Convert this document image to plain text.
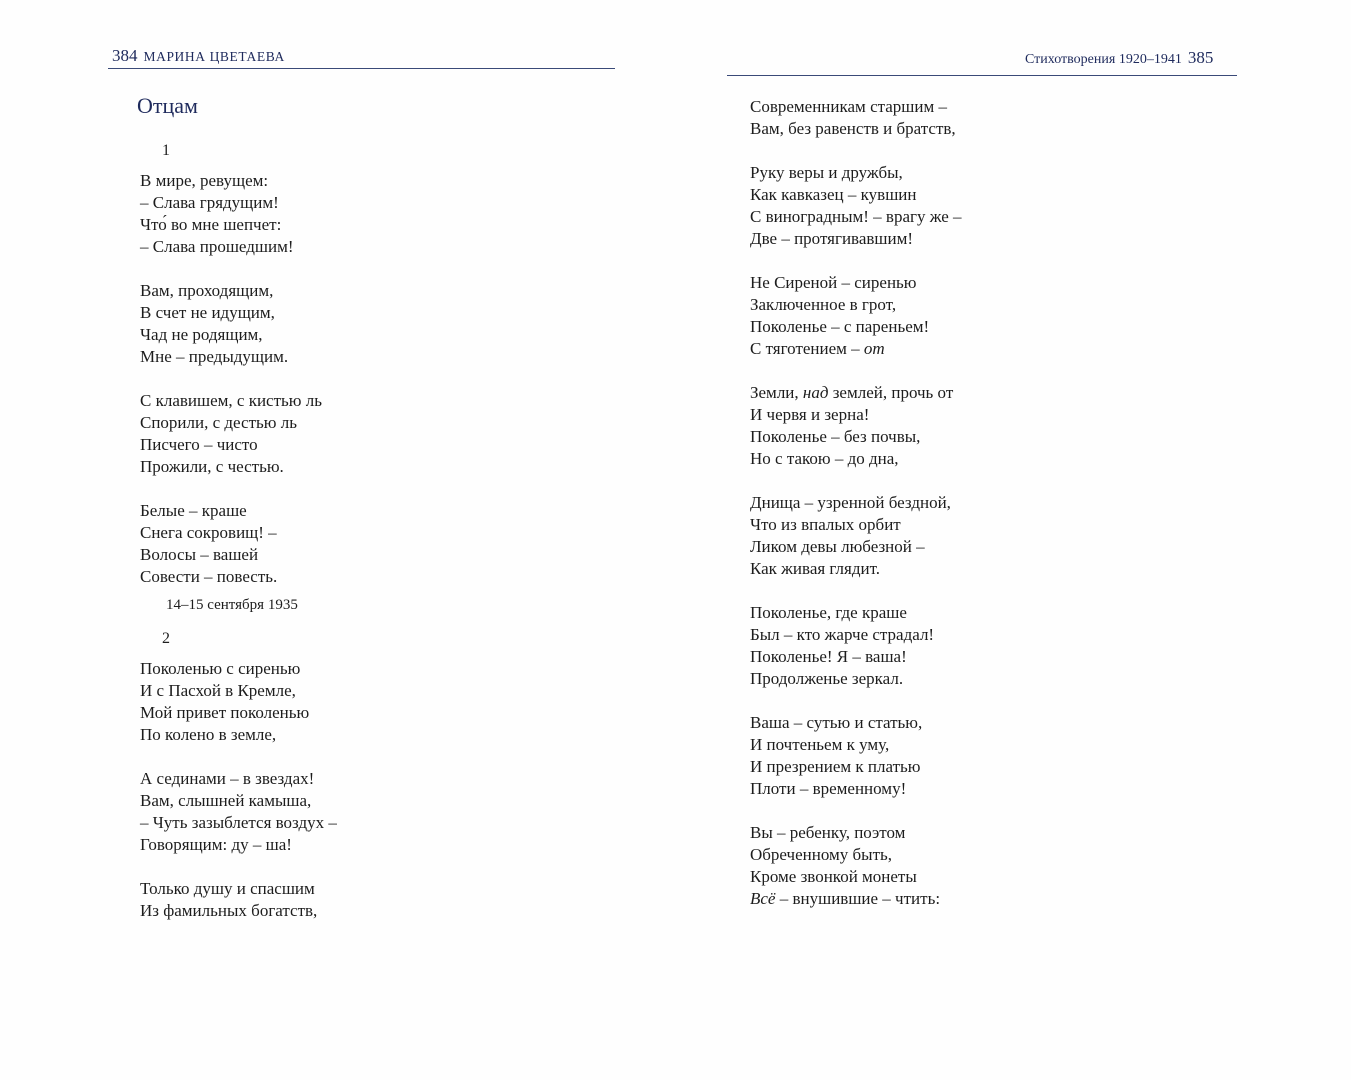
384 МАРИНА ЦВЕТАЕВА
Отцам
1
В мире, ревущем:
– Слава грядущим!
Что́ во мне шепчет:
– Слава прошедшим!
Вам, проходящим,
В счет не идущим,
Чад не родящим,
Мне – предыдущим.
С клавишем, с кистью ль
Спорили, с дестью ль
Писчего – чисто
Прожили, с честью.
Белые – краше
Снега сокровищ! –
Волосы – вашей
Совести – повесть.
14–15 сентября 1935
2
Поколенью с сиренью
И с Пасхой в Кремле,
Мой привет поколенью
По колено в земле,
А сединами – в звездах!
Вам, слышней камыша,
– Чуть зазыблется воздух –
Говорящим: ду – ша!
Только душу и спасшим
Из фамильных богатств,
Стихотворения 1920–1941 385
Современникам старшим –
Вам, без равенств и братств,
Руку веры и дружбы,
Как кавказец – кувшин
С виноградным! – врагу же –
Две – протягивавшим!
Не Сиреной – сиренью
Заключенное в грот,
Поколенье – с пареньем!
С тяготением – от
Земли, над землей, прочь от
И червя и зерна!
Поколенье – без почвы,
Но с такою – до дна,
Днища – узренной бездной,
Что из впалых орбит
Ликом девы любезной –
Как живая глядит.
Поколенье, где краше
Был – кто жарче страдал!
Поколенье! Я – ваша!
Продолженье зеркал.
Ваша – сутью и статью,
И почтеньем к уму,
И презрением к платью
Плоти – временному!
Вы – ребенку, поэтом
Обреченному быть,
Кроме звонкой монеты
Всё – внушившие – чтить:
